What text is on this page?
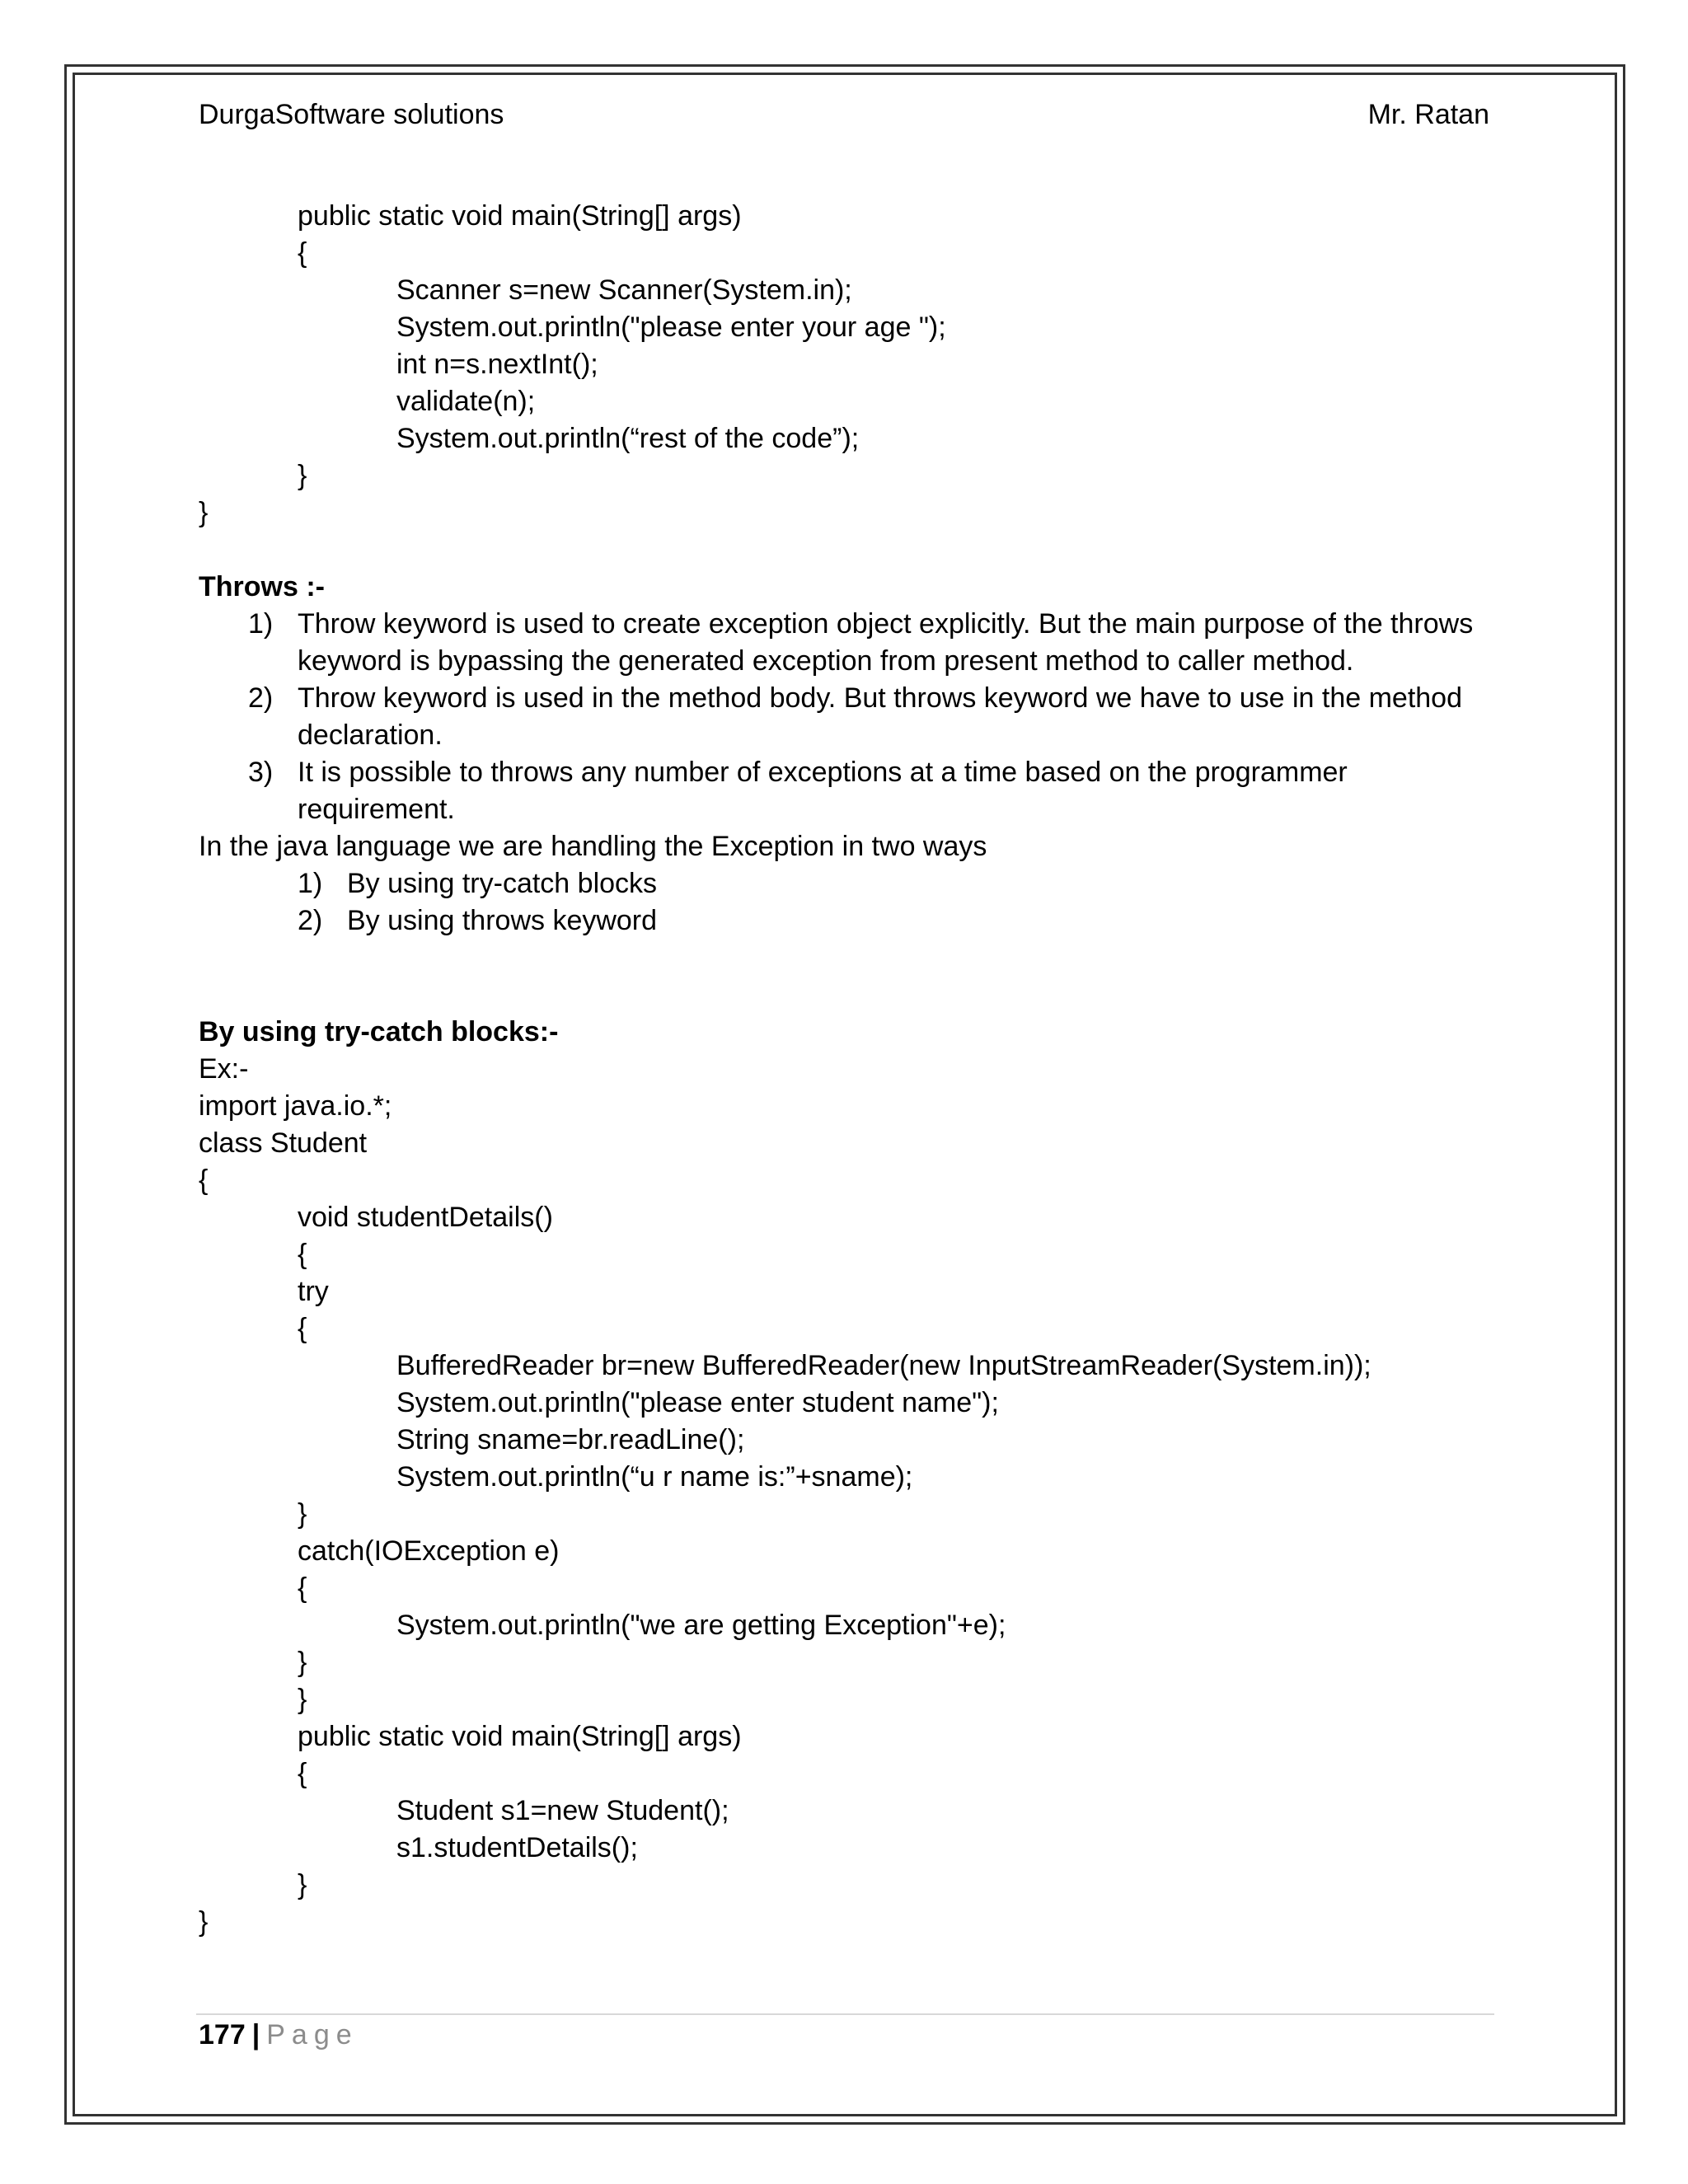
DurgaSoftware solutions	Mr. Ratan
public static void main(String[] args)
{
Scanner s=new Scanner(System.in);
System.out.println("please enter your age ");
int n=s.nextInt();
validate(n);
System.out.println(“rest of the code”);
}
}
Throws :-
1) Throw keyword is used to create exception object explicitly. But the main purpose of the throws
keyword is bypassing the generated exception from present method to caller method.
2) Throw keyword is used in the method body. But throws keyword we have to use in the method
declaration.
3) It is possible to throws any number of exceptions at a time based on the programmer
requirement.
In the java language we are handling the Exception in two ways
1) By using try-catch blocks
2) By using throws keyword
By using try-catch blocks:-
Ex:-
import java.io.*;
class Student
{
void studentDetails()
{
try
{
BufferedReader br=new BufferedReader(new InputStreamReader(System.in));
System.out.println("please enter student name");
String sname=br.readLine();
System.out.println(“u r name is:”+sname);
}
catch(IOException e)
{
System.out.println("we are getting Exception"+e);
}
}
public static void main(String[] args)
{
Student s1=new Student();
s1.studentDetails();
}
}
177 | Page
